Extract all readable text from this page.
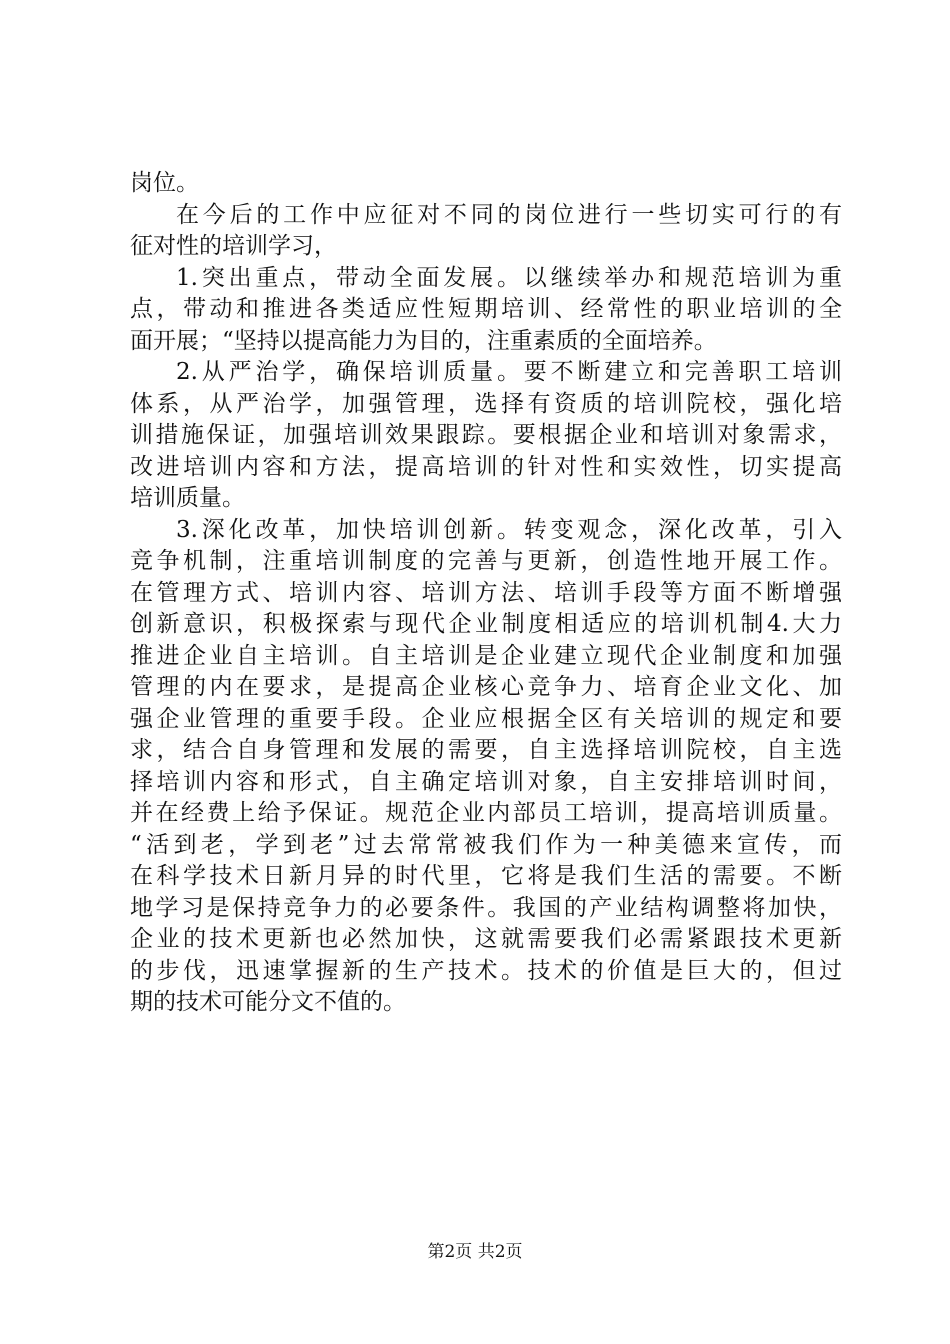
岗位。
在今后的工作中应征对不同的岗位进行一些切实可行的有
征对性的培训学习，
1.突出重点，带动全面发展。以继续举办和规范培训为重
点，带动和推进各类适应性短期培训、经常性的职业培训的全
面开展；“坚持以提高能力为目的，注重素质的全面培养。
2.从严治学，确保培训质量。要不断建立和完善职工培训
体系，从严治学，加强管理，选择有资质的培训院校，强化培
训措施保证，加强培训效果跟踪。要根据企业和培训对象需求，
改进培训内容和方法，提高培训的针对性和实效性，切实提高
培训质量。
3.深化改革，加快培训创新。转变观念，深化改革，引入
竞争机制，注重培训制度的完善与更新，创造性地开展工作。
在管理方式、培训内容、培训方法、培训手段等方面不断增强
创新意识，积极探索与现代企业制度相适应的培训机制4.大力
推进企业自主培训。自主培训是企业建立现代企业制度和加强
管理的内在要求，是提高企业核心竞争力、培育企业文化、加
强企业管理的重要手段。企业应根据全区有关培训的规定和要
求，结合自身管理和发展的需要，自主选择培训院校，自主选
择培训内容和形式，自主确定培训对象，自主安排培训时间，
并在经费上给予保证。规范企业内部员工培训，提高培训质量。
“活到老，学到老”过去常常被我们作为一种美德来宣传，而
在科学技术日新月异的时代里，它将是我们生活的需要。不断
地学习是保持竞争力的必要条件。我国的产业结构调整将加快，
企业的技术更新也必然加快，这就需要我们必需紧跟技术更新
的步伐，迅速掌握新的生产技术。技术的价值是巨大的，但过
期的技术可能分文不值的。
第2页 共2页
